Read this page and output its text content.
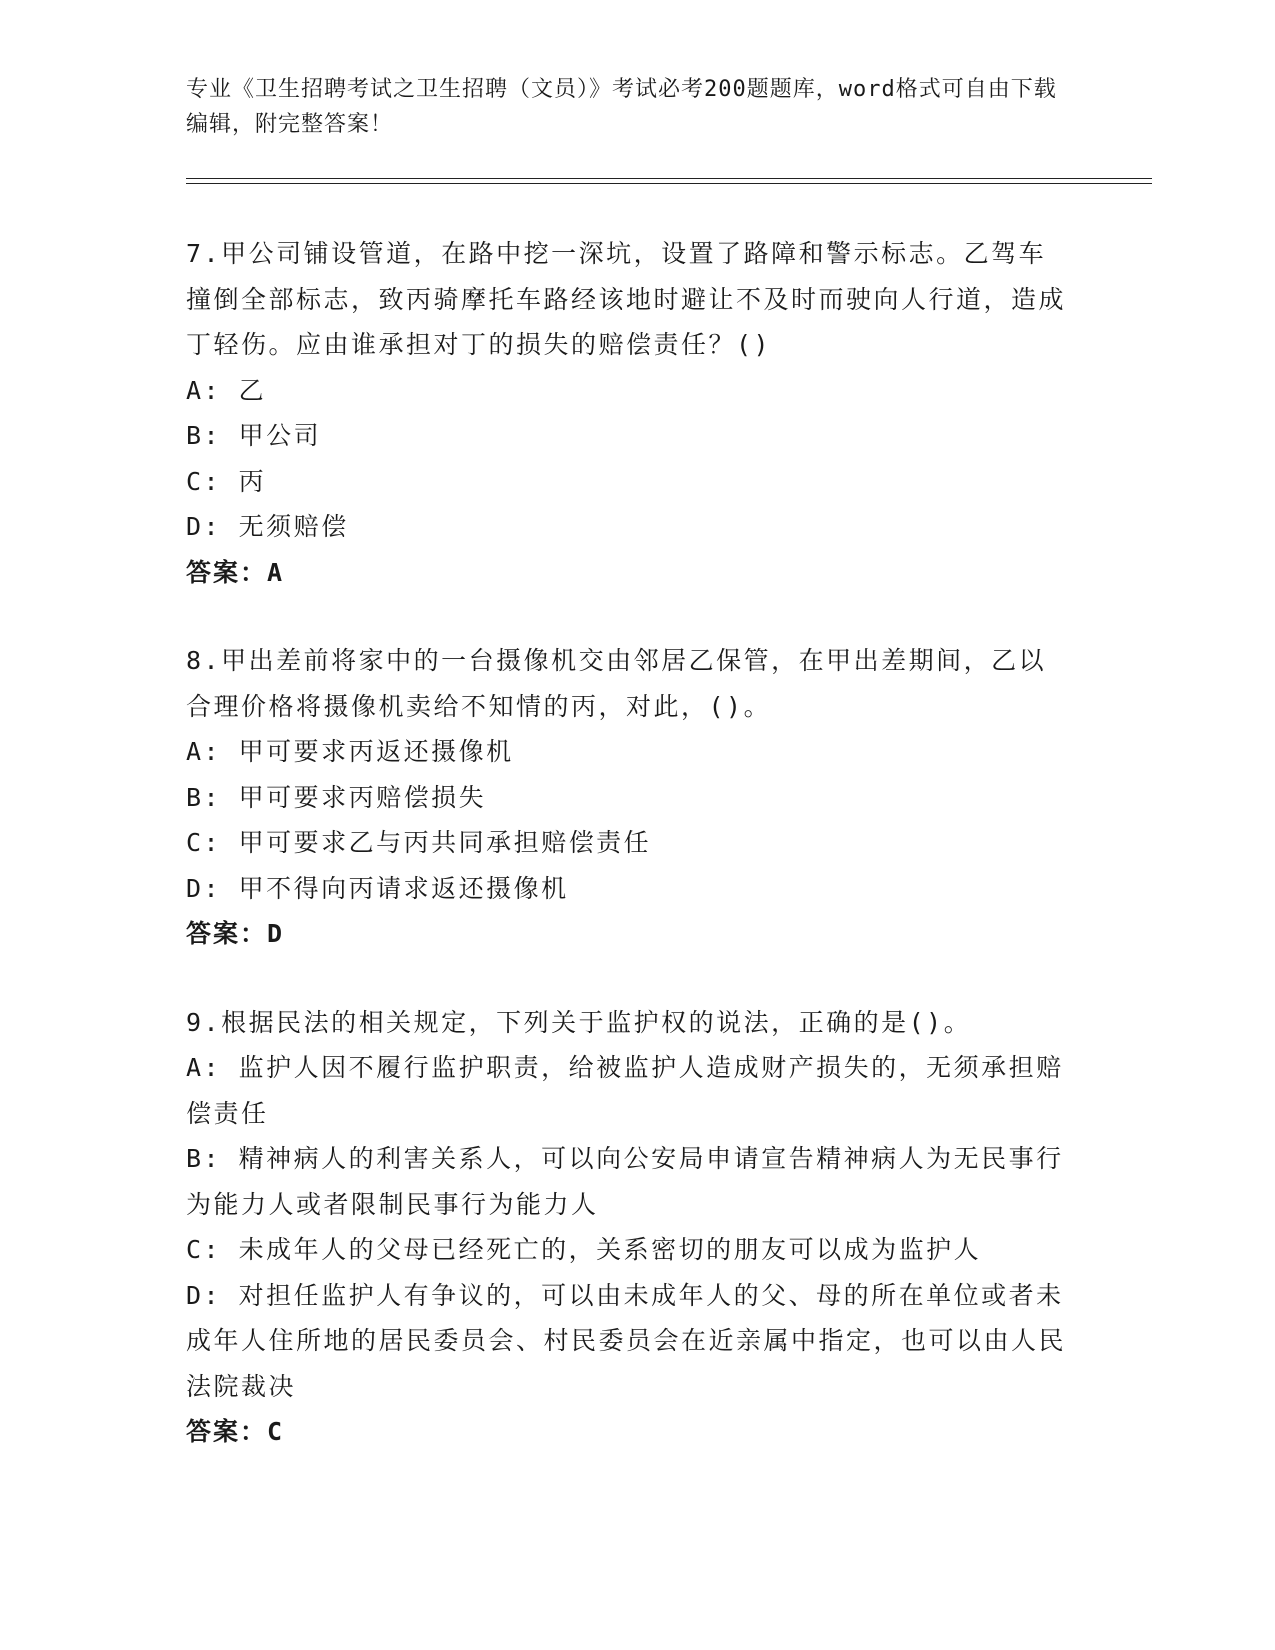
专业《卫生招聘考试之卫生招聘（文员）》考试必考200题题库，word格式可自由下载编辑，附完整答案！
7.甲公司铺设管道，在路中挖一深坑，设置了路障和警示标志。乙驾车撞倒全部标志，致丙骑摩托车路经该地时避让不及时而驶向人行道，造成丁轻伤。应由谁承担对丁的损失的赔偿责任？()
A: 乙
B: 甲公司
C: 丙
D: 无须赔偿
答案：A
8.甲出差前将家中的一台摄像机交由邻居乙保管，在甲出差期间，乙以合理价格将摄像机卖给不知情的丙，对此，()。
A: 甲可要求丙返还摄像机
B: 甲可要求丙赔偿损失
C: 甲可要求乙与丙共同承担赔偿责任
D: 甲不得向丙请求返还摄像机
答案：D
9.根据民法的相关规定，下列关于监护权的说法，正确的是()。
A: 监护人因不履行监护职责，给被监护人造成财产损失的，无须承担赔偿责任
B: 精神病人的利害关系人，可以向公安局申请宣告精神病人为无民事行为能力人或者限制民事行为能力人
C: 未成年人的父母已经死亡的，关系密切的朋友可以成为监护人
D: 对担任监护人有争议的，可以由未成年人的父、母的所在单位或者未成年人住所地的居民委员会、村民委员会在近亲属中指定，也可以由人民法院裁决
答案：C
